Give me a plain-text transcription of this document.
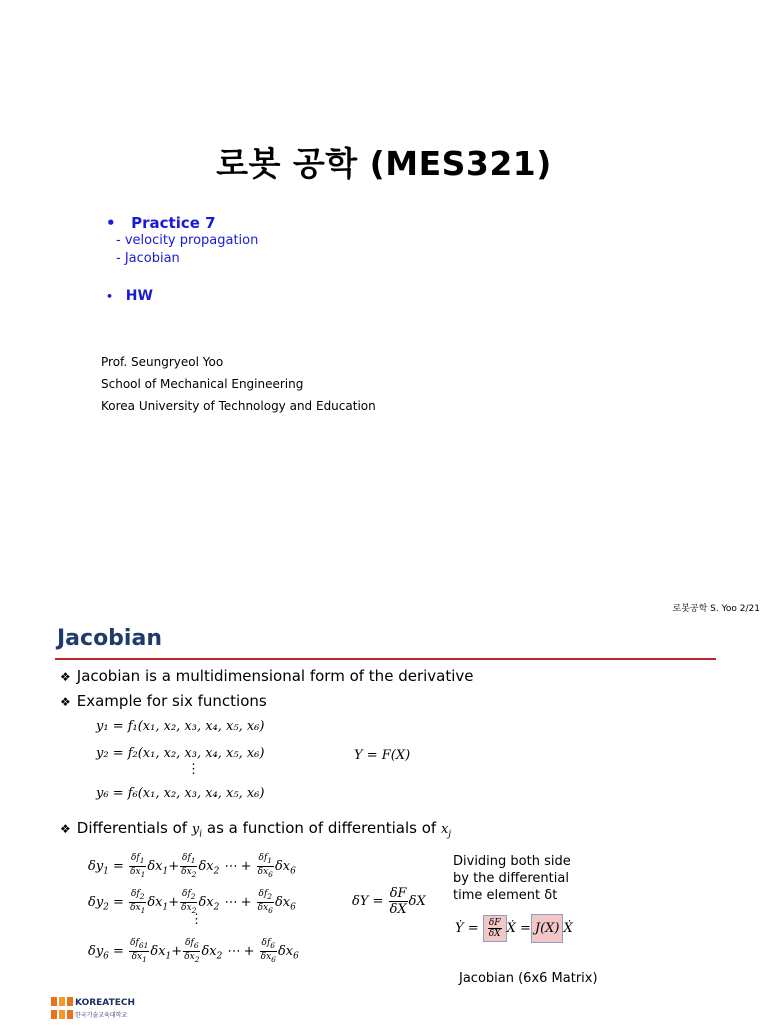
로봇 공학 (MES321)
•   Practice 7
- velocity propagation
- Jacobian
•   HW
Prof. Seungryeol Yoo
School of Mechanical Engineering
Korea University of Technology and Education
로봇공학 S. Yoo 2/21
Jacobian
❖ Jacobian is a multidimensional form of the derivative
❖ Example for six functions
y₁ = f₁(x₁, x₂, x₃, x₄, x₅, x₆)
y₂ = f₂(x₁, x₂, x₃, x₄, x₅, x₆)
⋮
y₆ = f₆(x₁, x₂, x₃, x₄, x₅, x₆)
Y = F(X)
❖ Differentials of $y_i$ as a function of differentials of $x_j$
$\delta y_1 = \frac{\delta f_1}{\delta x_1} \delta x_1+ \frac{\delta f_1}{\delta x_2} \delta x_2$ ⋯ + $\frac{\delta f_1}{\delta x_6} \delta x_6$
$\delta y_2 = \frac{\delta f_2}{\delta x_1} \delta x_1+ \frac{\delta f_2}{\delta x_2} \delta x_2$ ⋯ + $\frac{\delta f_2}{\delta x_6} \delta x_6$
⋮
$\delta y_6 = \frac{\delta f_{61}}{\delta x_1} \delta x_1+ \frac{\delta f_6}{\delta x_2} \delta x_2$ ⋯ + $\frac{\delta f_6}{\delta x_6} \delta x_6$
$\delta Y = \frac{\delta F}{\delta X}$ δX
Dividing both side
by the differential
time element δt
Ẏ = $\frac{\delta F}{\delta X}$ Ẋ = J(X) Ẋ
Jacobian (6x6 Matrix)
KOREATECH
한국기술교육대학교
